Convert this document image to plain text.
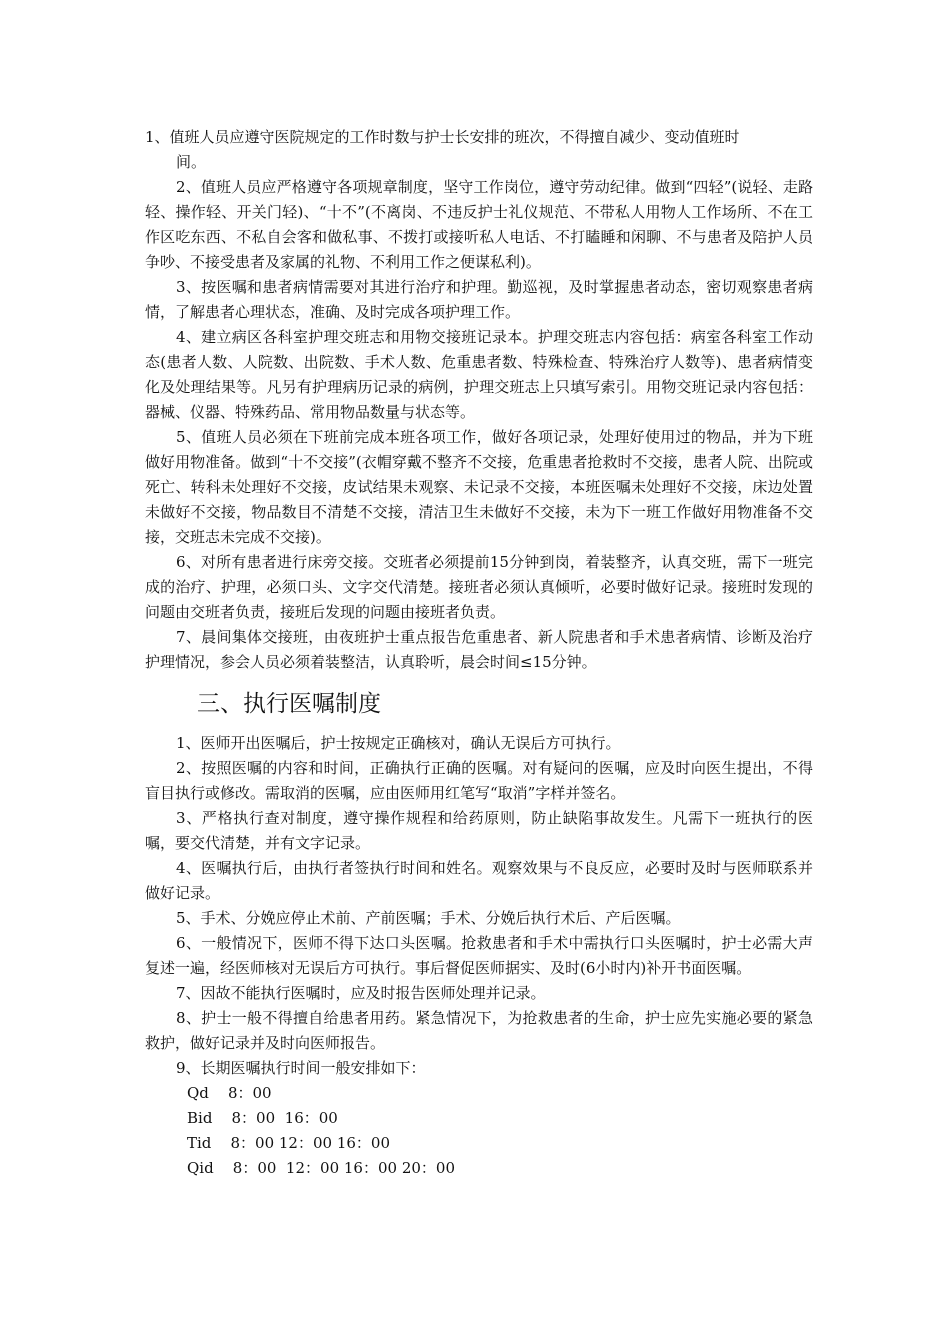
1、值班人员应遵守医院规定的工作时数与护士长安排的班次，不得擅自减少、变动值班时

间。

2、值班人员应严格遵守各项规章制度，坚守工作岗位，遵守劳动纪律。做到“四轻”(说轻、走路轻、操作轻、开关门轻)、“十不”(不离岗、不违反护士礼仪规范、不带私人用物人工作场所、不在工作区吃东西、不私自会客和做私事、不拨打或接听私人电话、不打瞌睡和闲聊、不与患者及陪护人员争吵、不接受患者及家属的礼物、不利用工作之便谋私利)。

3、按医嘱和患者病情需要对其进行治疗和护理。勤巡视，及时掌握患者动态，密切观察患者病情，了解患者心理状态，准确、及时完成各项护理工作。

4、建立病区各科室护理交班志和用物交接班记录本。护理交班志内容包括：病室各科室工作动态(患者人数、人院数、出院数、手术人数、危重患者数、特殊检查、特殊治疗人数等)、患者病情变化及处理结果等。凡另有护理病历记录的病例，护理交班志上只填写索引。用物交班记录内容包括：器械、仪器、特殊药品、常用物品数量与状态等。

5、值班人员必须在下班前完成本班各项工作，做好各项记录，处理好使用过的物品，并为下班做好用物准备。做到“十不交接”(衣帽穿戴不整齐不交接，危重患者抢救时不交接，患者人院、出院或死亡、转科未处理好不交接，皮试结果未观察、未记录不交接，本班医嘱未处理好不交接，床边处置未做好不交接，物品数目不清楚不交接，清洁卫生未做好不交接，未为下一班工作做好用物准备不交接，交班志未完成不交接)。

6、对所有患者进行床旁交接。交班者必须提前15分钟到岗，着装整齐，认真交班，需下一班完成的治疗、护理，必须口头、文字交代清楚。接班者必须认真倾听，必要时做好记录。接班时发现的问题由交班者负责，接班后发现的问题由接班者负责。

7、晨间集体交接班，由夜班护士重点报告危重患者、新人院患者和手术患者病情、诊断及治疗护理情况，参会人员必须着装整洁，认真聆听，晨会时间≤15分钟。

三、执行医嘱制度

1、医师开出医嘱后，护士按规定正确核对，确认无误后方可执行。

2、按照医嘱的内容和时间，正确执行正确的医嘱。对有疑问的医嘱，应及时向医生提出，不得盲目执行或修改。需取消的医嘱，应由医师用红笔写“取消”字样并签名。

3、严格执行查对制度，遵守操作规程和给药原则，防止缺陷事故发生。凡需下一班执行的医嘱，要交代清楚，并有文字记录。

4、医嘱执行后，由执行者签执行时间和姓名。观察效果与不良反应，必要时及时与医师联系并做好记录。

5、手术、分娩应停止术前、产前医嘱；手术、分娩后执行术后、产后医嘱。

6、一般情况下，医师不得下达口头医嘱。抢救患者和手术中需执行口头医嘱时，护士必需大声复述一遍，经医师核对无误后方可执行。事后督促医师据实、及时(6小时内)补开书面医嘱。

7、因故不能执行医嘱时，应及时报告医师处理并记录。

8、护士一般不得擅自给患者用药。紧急情况下，为抢救患者的生命，护士应先实施必要的紧急救护，做好记录并及时向医师报告。

9、长期医嘱执行时间一般安排如下：

Qd    8：00
Bid    8：00  16：00
Tid    8：00 12：00 16：00
Qid    8：00  12：00 16：00 20：00
